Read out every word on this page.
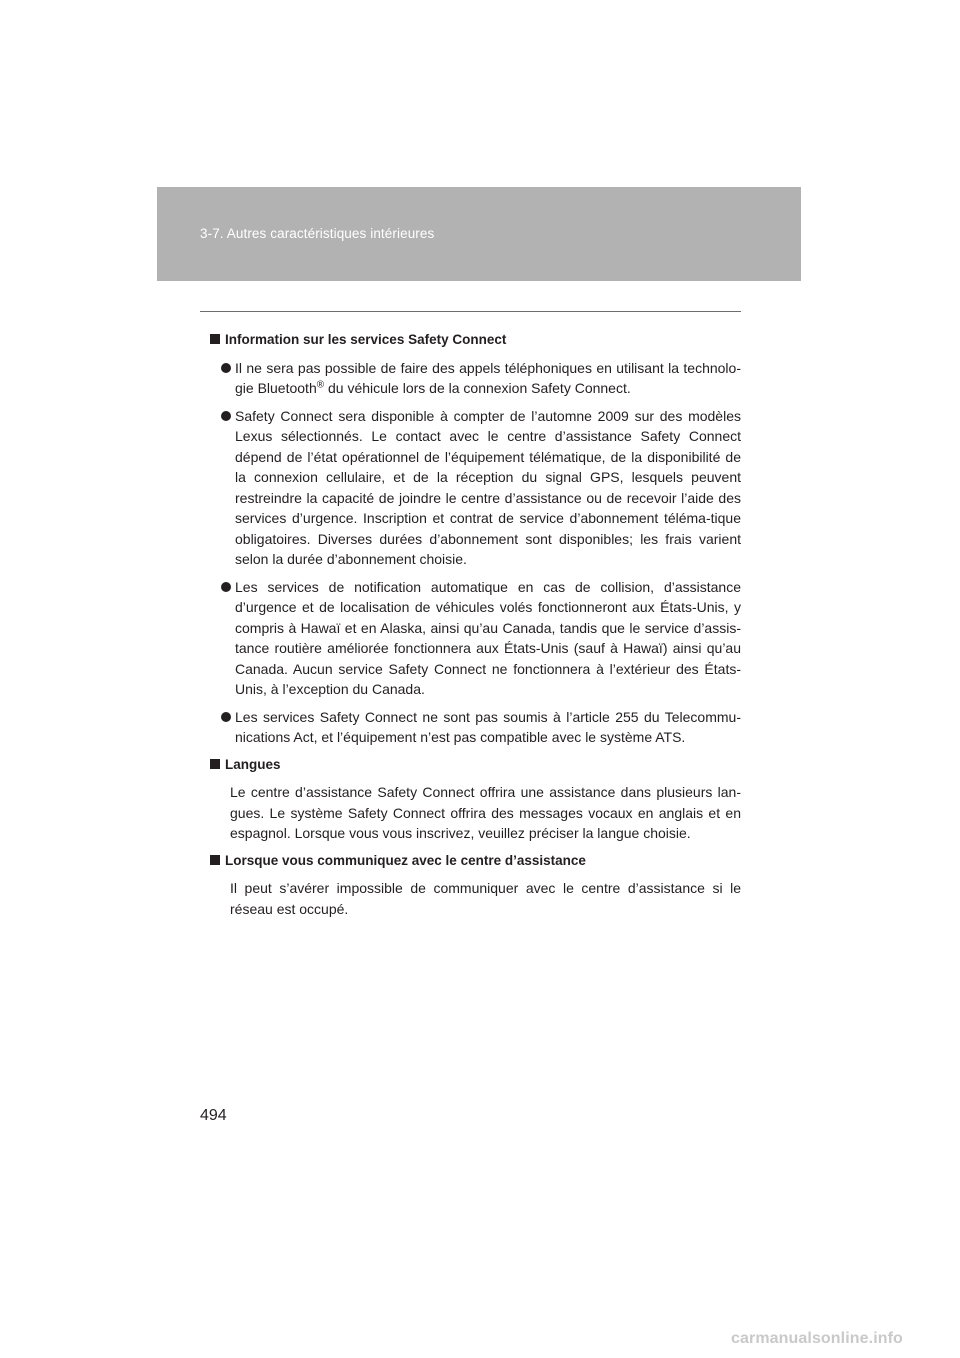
3-7. Autres caractéristiques intérieures
Information sur les services Safety Connect
Il ne sera pas possible de faire des appels téléphoniques en utilisant la technolo-gie Bluetooth® du véhicule lors de la connexion Safety Connect.
Safety Connect sera disponible à compter de l’automne 2009 sur des modèles Lexus sélectionnés. Le contact avec le centre d’assistance Safety Connect dépend de l’état opérationnel de l’équipement télématique, de la disponibilité de la connexion cellulaire, et de la réception du signal GPS, lesquels peuvent restreindre la capacité de joindre le centre d’assistance ou de recevoir l’aide des services d’urgence. Inscription et contrat de service d’abonnement téléma-tique obligatoires. Diverses durées d’abonnement sont disponibles; les frais varient selon la durée d’abonnement choisie.
Les services de notification automatique en cas de collision, d’assistance d’urgence et de localisation de véhicules volés fonctionneront aux États-Unis, y compris à Hawaï et en Alaska, ainsi qu’au Canada, tandis que le service d’assis-tance routière améliorée fonctionnera aux États-Unis (sauf à Hawaï) ainsi qu’au Canada. Aucun service Safety Connect ne fonctionnera à l’extérieur des États-Unis, à l’exception du Canada.
Les services Safety Connect ne sont pas soumis à l’article 255 du Telecommu-nications Act, et l’équipement n’est pas compatible avec le système ATS.
Langues
Le centre d’assistance Safety Connect offrira une assistance dans plusieurs lan-gues. Le système Safety Connect offrira des messages vocaux en anglais et en espagnol. Lorsque vous vous inscrivez, veuillez préciser la langue choisie.
Lorsque vous communiquez avec le centre d’assistance
Il peut s’avérer impossible de communiquer avec le centre d’assistance si le réseau est occupé.
494
carmanualsonline.info
